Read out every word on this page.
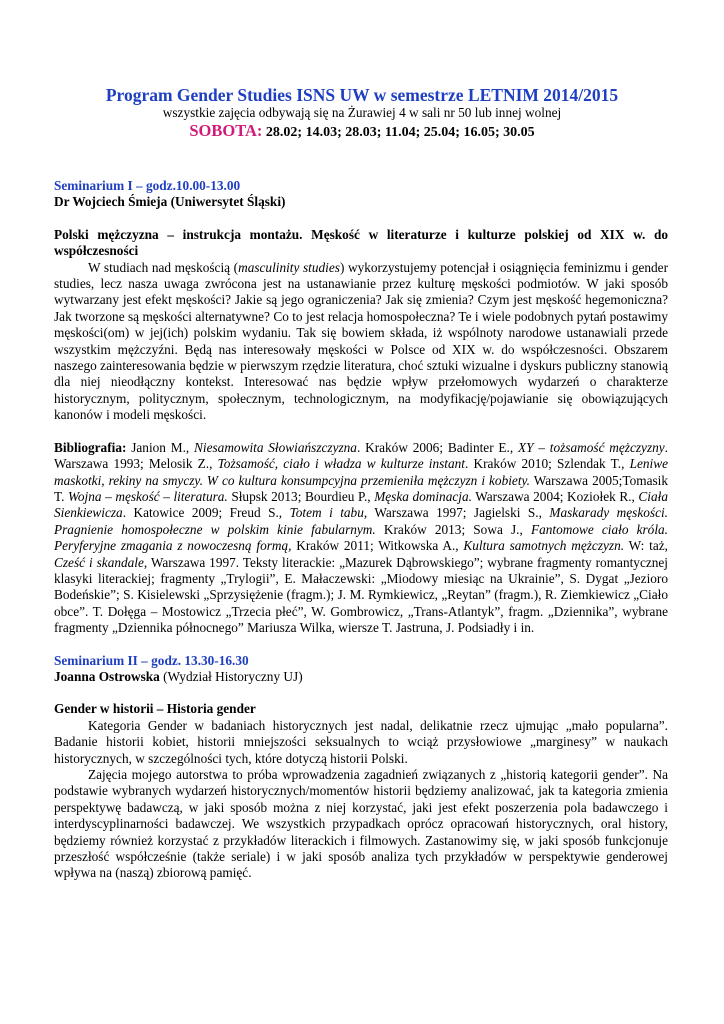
Program Gender Studies ISNS UW w semestrze LETNIM 2014/2015
wszystkie zajęcia odbywają się na Żurawiej 4 w sali nr 50 lub innej wolnej
SOBOTA: 28.02; 14.03; 28.03; 11.04; 25.04; 16.05; 30.05

Seminarium I – godz.10.00-13.00

Dr Wojciech Śmieja (Uniwersytet Śląski)

Polski mężczyzna – instrukcja montażu. Męskość w literaturze i kulturze polskiej od XIX w. do współczesności

W studiach nad męskością (masculinity studies) wykorzystujemy potencjał i osiągnięcia feminizmu i gender studies, lecz nasza uwaga zwrócona jest na ustanawianie przez kulturę męskości podmiotów. W jaki sposób wytwarzany jest efekt męskości? Jakie są jego ograniczenia? Jak się zmienia? Czym jest męskość hegemoniczna? Jak tworzone są męskości alternatywne? Co to jest relacja homospołeczna? Te i wiele podobnych pytań postawimy męskości(om) w jej(ich) polskim wydaniu. Tak się bowiem składa, iż wspólnoty narodowe ustanawiali przede wszystkim mężczyźni. Będą nas interesowały męskości w Polsce od XIX w. do współczesności. Obszarem naszego zainteresowania będzie w pierwszym rzędzie literatura, choć sztuki wizualne i dyskurs publiczny stanowią dla niej nieodłączny kontekst. Interesować nas będzie wpływ przełomowych wydarzeń o charakterze historycznym, politycznym, społecznym, technologicznym, na modyfikację/pojawianie się obowiązujących kanonów i modeli męskości.

Bibliografia: Janion M., Niesamowita Słowiańszczyzna. Kraków 2006; Badinter E., XY – tożsamość mężczyzny. Warszawa 1993; Melosik Z., Tożsamość, ciało i władza w kulturze instant. Kraków 2010; Szlendak T., Leniwe maskotki, rekiny na smyczy. W co kultura konsumpcyjna przemieniła mężczyzn i kobiety. Warszawa 2005;Tomasik T. Wojna – męskość – literatura. Słupsk 2013; Bourdieu P., Męska dominacja. Warszawa 2004; Koziołek R., Ciała Sienkiewicza. Katowice 2009; Freud S., Totem i tabu, Warszawa 1997; Jagielski S., Maskarady męskości. Pragnienie homospołeczne w polskim kinie fabularnym. Kraków 2013; Sowa J., Fantomowe ciało króla. Peryferyjne zmagania z nowoczesną formą, Kraków 2011; Witkowska A., Kultura samotnych mężczyzn. W: taż, Cześć i skandale, Warszawa 1997. Teksty literackie: „Mazurek Dąbrowskiego”; wybrane fragmenty romantycznej klasyki literackiej; fragmenty „Trylogii”, E. Małaczewski: „Miodowy miesiąc na Ukrainie”, S. Dygat „Jezioro Bodeńskie”; S. Kisielewski „Sprzysiężenie (fragm.); J. M. Rymkiewicz, „Reytan” (fragm.), R. Ziemkiewicz „Ciało obce”. T. Dołęga – Mostowicz „Trzecia płeć”, W. Gombrowicz, „Trans-Atlantyk”, fragm. „Dziennika”, wybrane fragmenty „Dziennika północnego” Mariusza Wilka, wiersze T. Jastruna, J. Podsiadły i in.

Seminarium II – godz. 13.30-16.30

Joanna Ostrowska (Wydział Historyczny UJ)

Gender w historii – Historia gender

Kategoria Gender w badaniach historycznych jest nadal, delikatnie rzecz ujmując „mało popularna”. Badanie historii kobiet, historii mniejszości seksualnych to wciąż przysłowiowe „marginesy” w naukach historycznych, w szczególności tych, które dotyczą historii Polski.

Zajęcia mojego autorstwa to próba wprowadzenia zagadnień związanych z „historią kategorii gender”. Na podstawie wybranych wydarzeń historycznych/momentów historii będziemy analizować, jak ta kategoria zmienia perspektywę badawczą, w jaki sposób można z niej korzystać, jaki jest efekt poszerzenia pola badawczego i interdyscyplinarności badawczej. We wszystkich przypadkach oprócz opracowań historycznych, oral history, będziemy również korzystać z przykładów literackich i filmowych. Zastanowimy się, w jaki sposób funkcjonuje przeszłość współcześnie (także seriale) i w jaki sposób analiza tych przykładów w perspektywie genderowej wpływa na (naszą) zbiorową pamięć.
